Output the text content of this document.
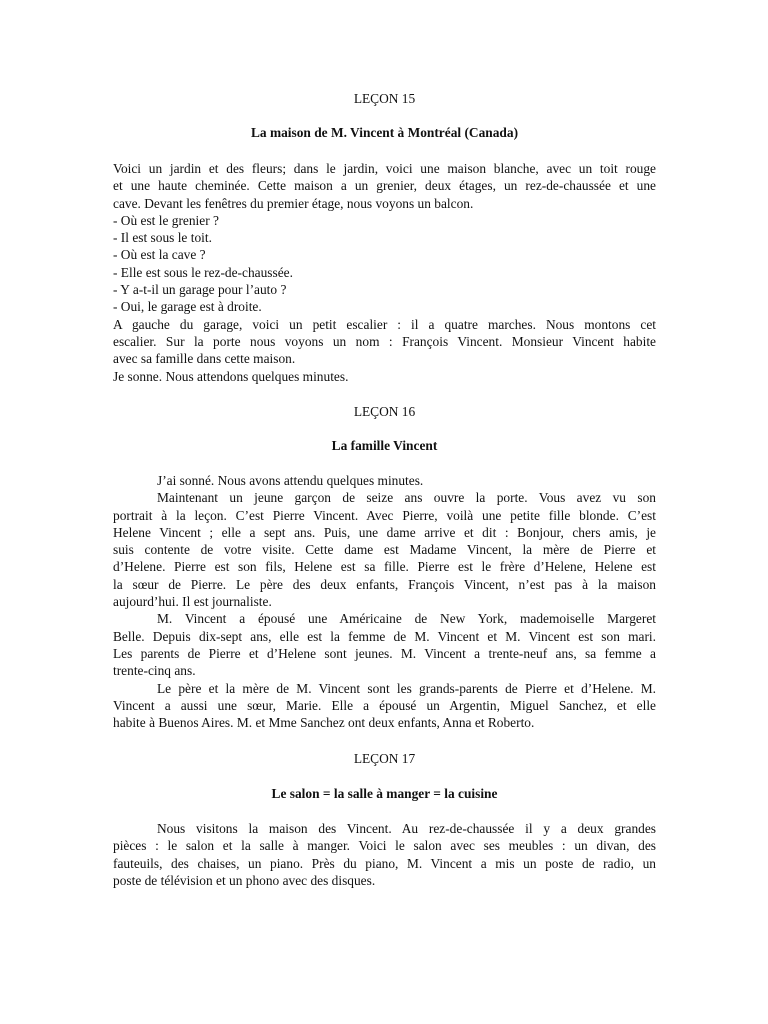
LEÇON 15
La maison de M. Vincent à Montréal (Canada)
Voici un jardin et des fleurs; dans le jardin, voici une maison blanche, avec un toit rouge
et une haute cheminée. Cette maison a un grenier, deux étages, un rez-de-chaussée et une
cave. Devant les fenêtres du premier étage, nous voyons un balcon.
- Où est le grenier ?
- Il est sous le toit.
- Où est la cave ?
- Elle est sous le rez-de-chaussée.
- Y a-t-il un garage pour l’auto ?
- Oui, le garage est à droite.
A gauche du garage, voici un petit escalier : il a quatre marches. Nous montons cet
escalier. Sur la porte nous voyons un nom : François Vincent. Monsieur Vincent habite
avec sa famille dans cette maison.
Je sonne. Nous attendons quelques minutes.
LEÇON 16
La famille Vincent
J’ai sonné. Nous avons attendu quelques minutes.
Maintenant un jeune garçon de seize ans ouvre la porte. Vous avez vu son
portrait à la leçon. C’est Pierre Vincent. Avec Pierre, voilà une petite fille blonde. C’est
Helene Vincent ; elle a sept ans. Puis, une dame arrive et dit : Bonjour, chers amis, je
suis contente de votre visite. Cette dame est Madame Vincent, la mère de Pierre et
d’Helene. Pierre est son fils, Helene est sa fille. Pierre est le frère d’Helene, Helene est
la sœur de Pierre. Le père des deux enfants, François Vincent, n’est pas à la maison
aujourd’hui. Il est journaliste.
M. Vincent a épousé une Américaine de New York, mademoiselle Margeret
Belle. Depuis dix-sept ans, elle est la femme de M. Vincent et M. Vincent est son mari.
Les parents de Pierre et d’Helene sont jeunes. M. Vincent a trente-neuf ans, sa femme a
trente-cinq ans.
Le père et la mère de M. Vincent sont les grands-parents de Pierre et d’Helene. M.
Vincent a aussi une sœur, Marie. Elle a épousé un Argentin, Miguel Sanchez, et elle
habite à Buenos Aires. M. et Mme Sanchez ont deux enfants, Anna et Roberto.
LEÇON 17
Le salon = la salle à manger = la cuisine
Nous visitons la maison des Vincent. Au rez-de-chaussée il y a deux grandes
pièces : le salon et la salle à manger. Voici le salon avec ses meubles : un divan, des
fauteuils, des chaises, un piano. Près du piano, M. Vincent a mis un poste de radio, un
poste de télévision et un phono avec des disques.
